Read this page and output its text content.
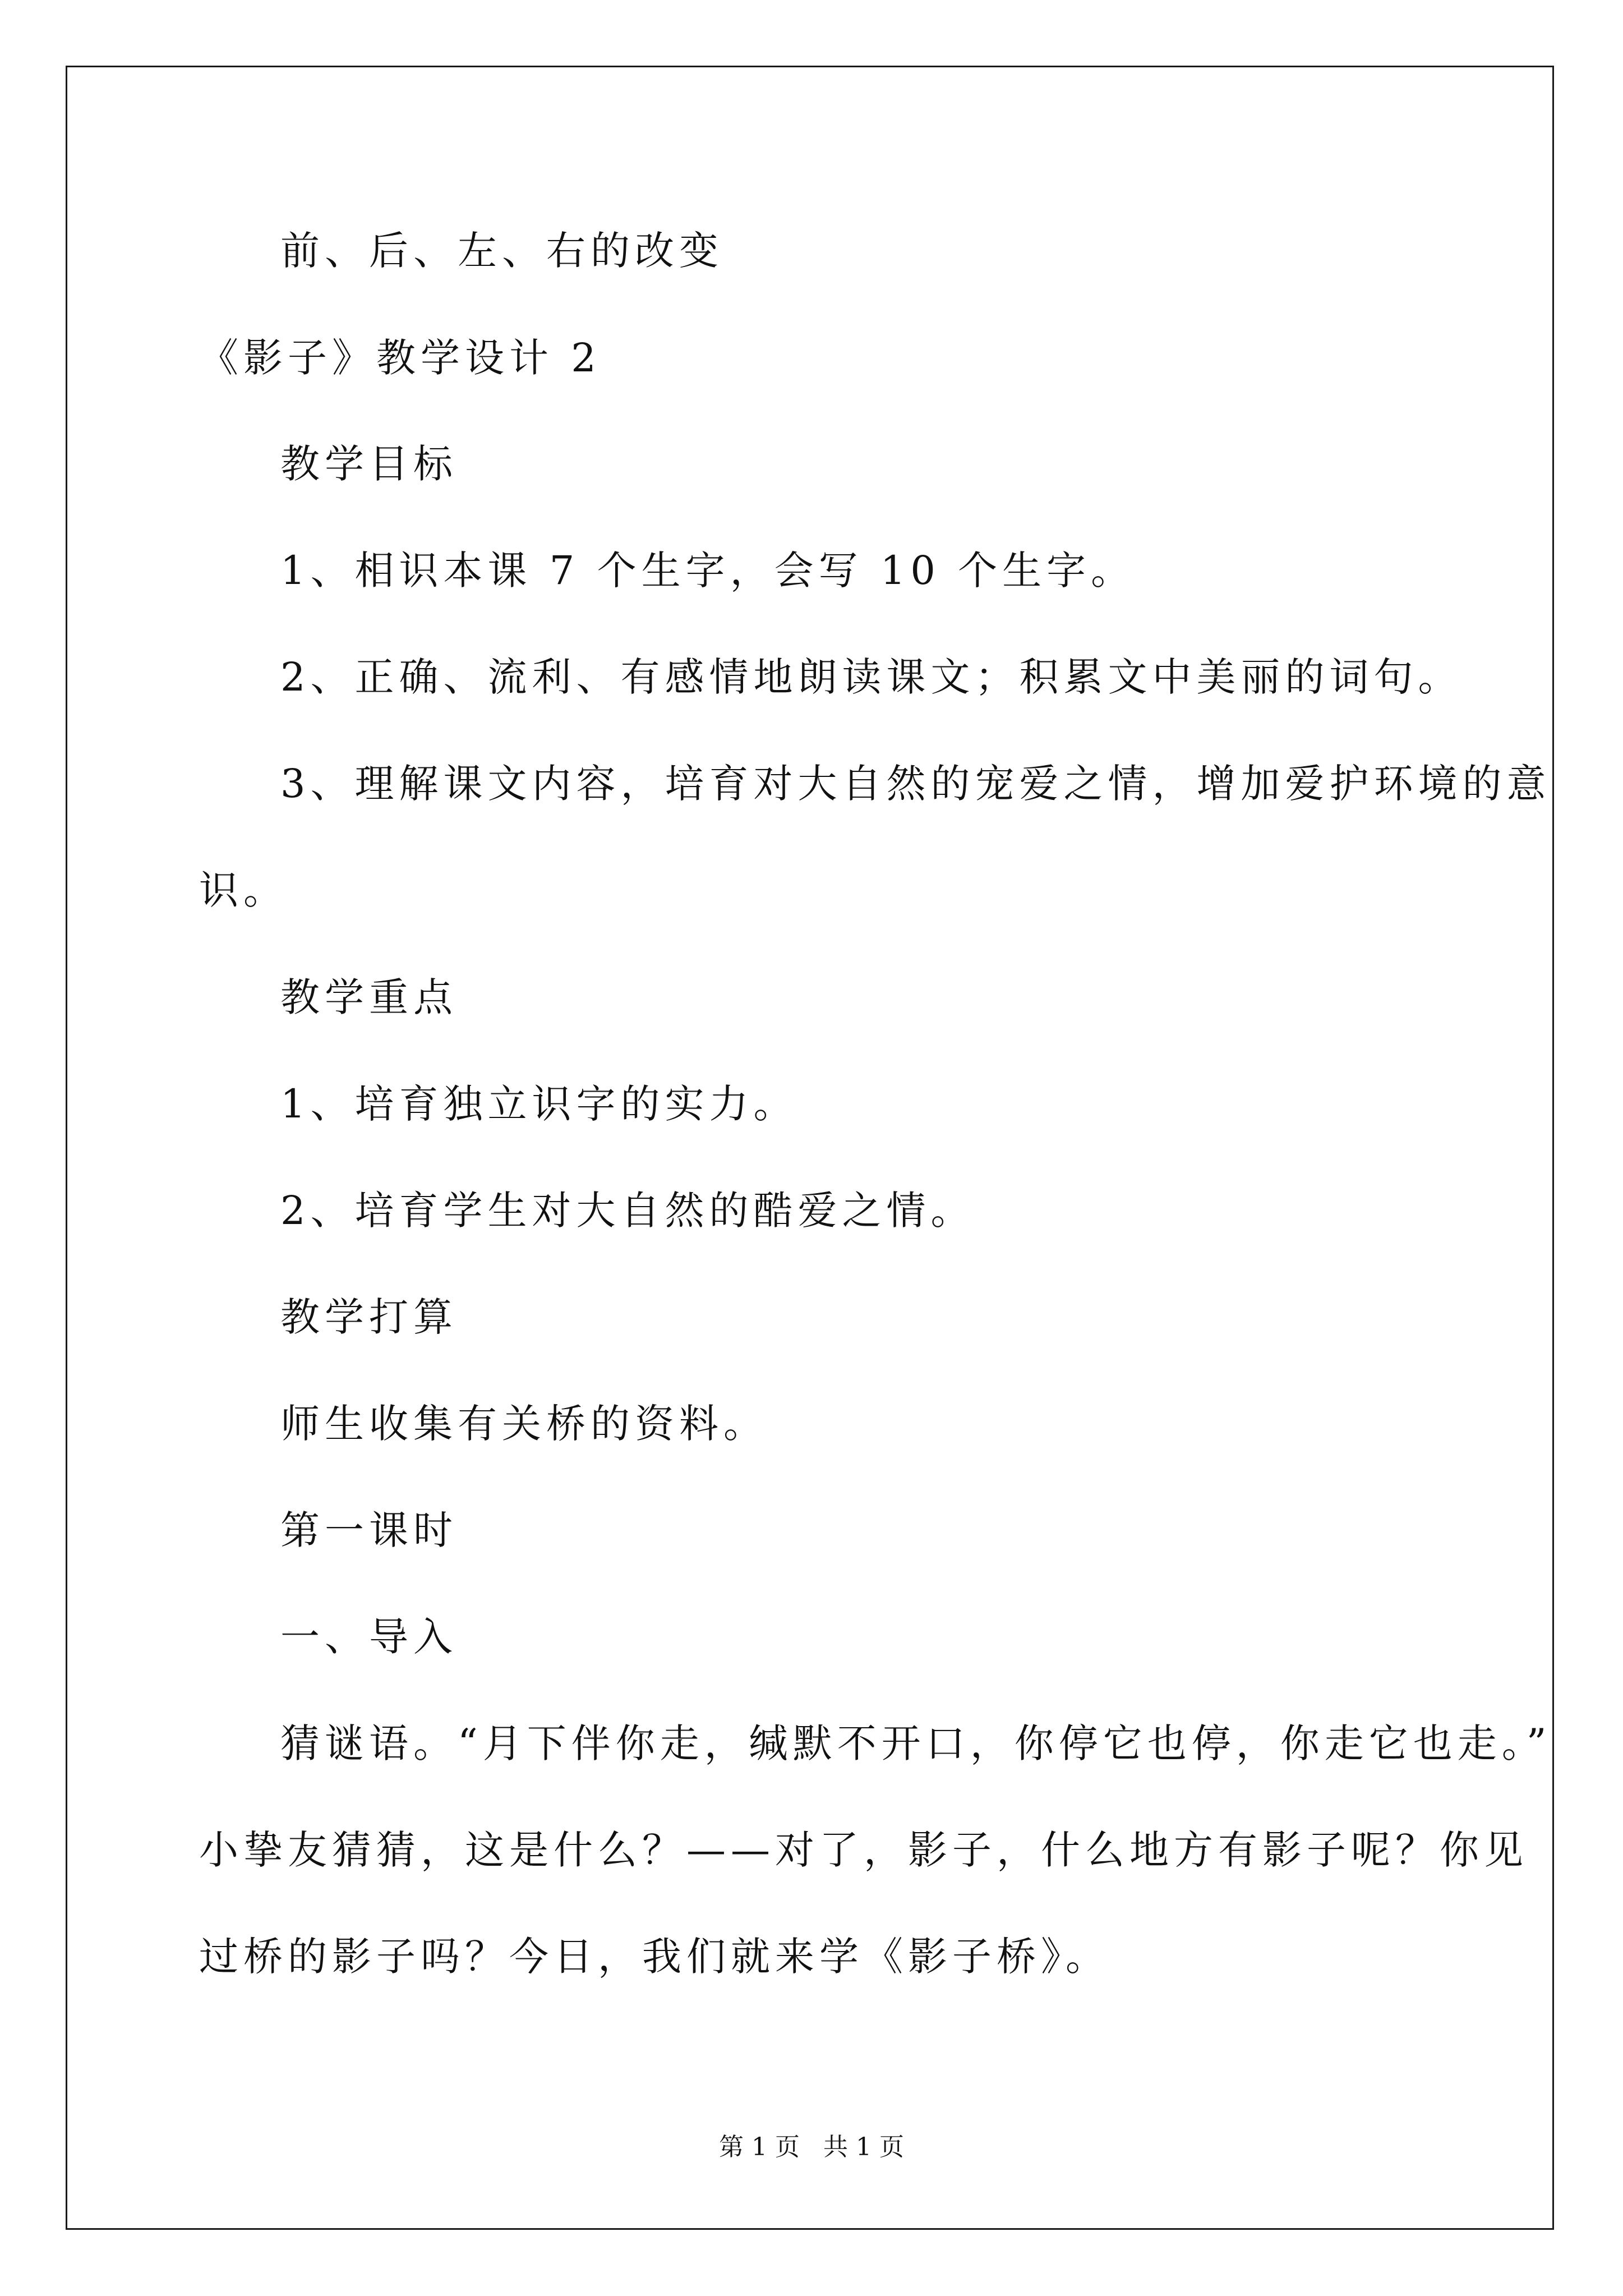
前、后、左、右的改变
《影子》教学设计 2
教学目标
1、相识本课 7 个生字，会写 10 个生字。
2、正确、流利、有感情地朗读课文；积累文中美丽的词句。
3、理解课文内容，培育对大自然的宠爱之情，增加爱护环境的意
识。
教学重点
1、培育独立识字的实力。
2、培育学生对大自然的酷爱之情。
教学打算
师生收集有关桥的资料。
第一课时
一、导入
猜谜语。“月下伴你走，缄默不开口，你停它也停，你走它也走。”
小挚友猜猜，这是什么？——对了，影子，什么地方有影子呢？你见
过桥的影子吗？今日，我们就来学《影子桥》。
第 1 页   共 1 页
